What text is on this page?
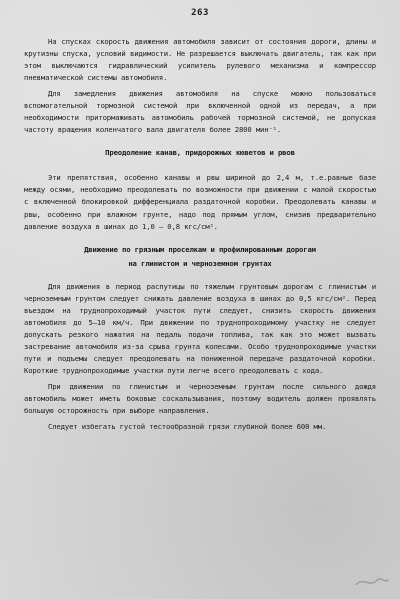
263

На спусках скорость движения автомобиля зависит от состояния дороги, длины и крутизны спуска, условий видимости. Не разрешается выключать двигатель, так как при этом выключаются гидравлический усилитель рулевого механизма и компрессор пневматической системы автомобиля.

Для замедления движения автомобиля на спуске можно пользоваться вспомогательной тормозной системой при включенной одной из передач, а при необходимости притормаживать автомобиль рабочей тормозной системой, не допуская частоту вращения коленчатого вала двигателя более 2800 мин⁻¹.

Преодоление канав, придорожных кюветов и рвов

Эти препятствия, особенно канавы и рвы шириной до 2,4 м, т.е.равные базе между осями, необходимо преодолевать по возможности при движении с малой скоростью с включенной блокировкой дифференциала раздаточной коробки. Преодолевать канавы и рвы, особенно при влажном грунте, надо под прямым углом, снизив предварительно давление воздуха в шинах до 1,0 – 0,8 кгс/см².

Движение по грязным проселкам и профилированным дорогам
на глинистом и черноземном грунтах

Для движения в период распутицы по тяжелым грунтовым дорогам с глинистым и черноземным грунтом следует снижать давление воздуха в шинах до 0,5 кгс/см². Перед въездом на труднопроходимый участок пути следует, снизить скорость движения автомобиля до 5–10 км/ч. При движении по труднопроходимому участку не следует допускать резкого нажатия на педаль подачи топлива, так как это может вызвать застревание автомобиля из-за срыва грунта колесами. Особо труднопроходимые участки пути и подъемы следует преодолевать на пониженной передаче раздаточной коробки. Короткие труднопроходимые участки пути легче всего преодолевать с хода.

При движении по глинистым и черноземным грунтам после сильного дождя автомобиль может иметь боковые соскальзывания, поэтому водитель должен проявлять большую осторожность при выборе направления.

Следует избегать густой тестообразной грязи глубиной более 600 мм.
